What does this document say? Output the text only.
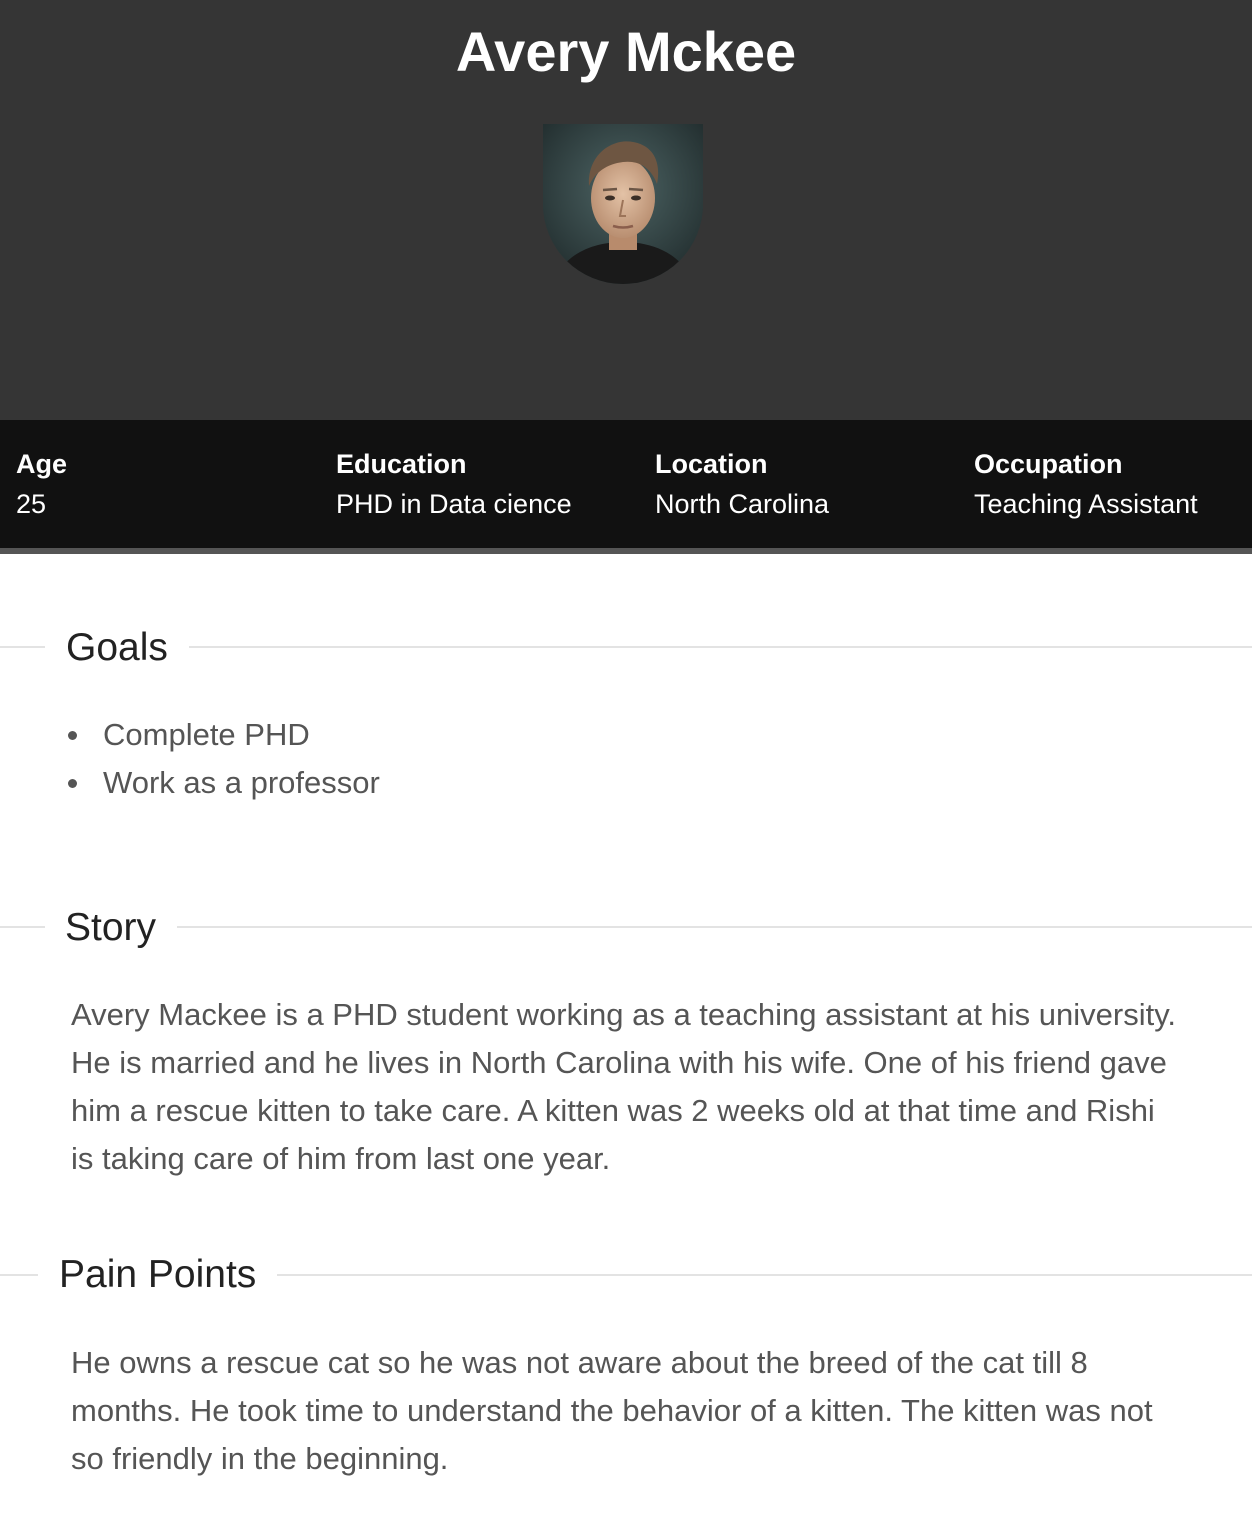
Avery Mckee
Age
25
Education
PHD in Data cience
Location
North Carolina
Occupation
Teaching Assistant
Goals
Complete PHD
Work as a professor
Story

Avery Mackee is a PHD student working as a teaching assistant at his university. He is married and he lives in North Carolina with his wife. One of his friend gave him a rescue kitten to take care. A kitten was 2 weeks old at that time and Rishi is taking care of him from last one year.

Pain Points

He owns a rescue cat so he was not aware about the breed of the cat till 8 months. He took time to understand the behavior of a kitten. The kitten was not so friendly in the beginning.
